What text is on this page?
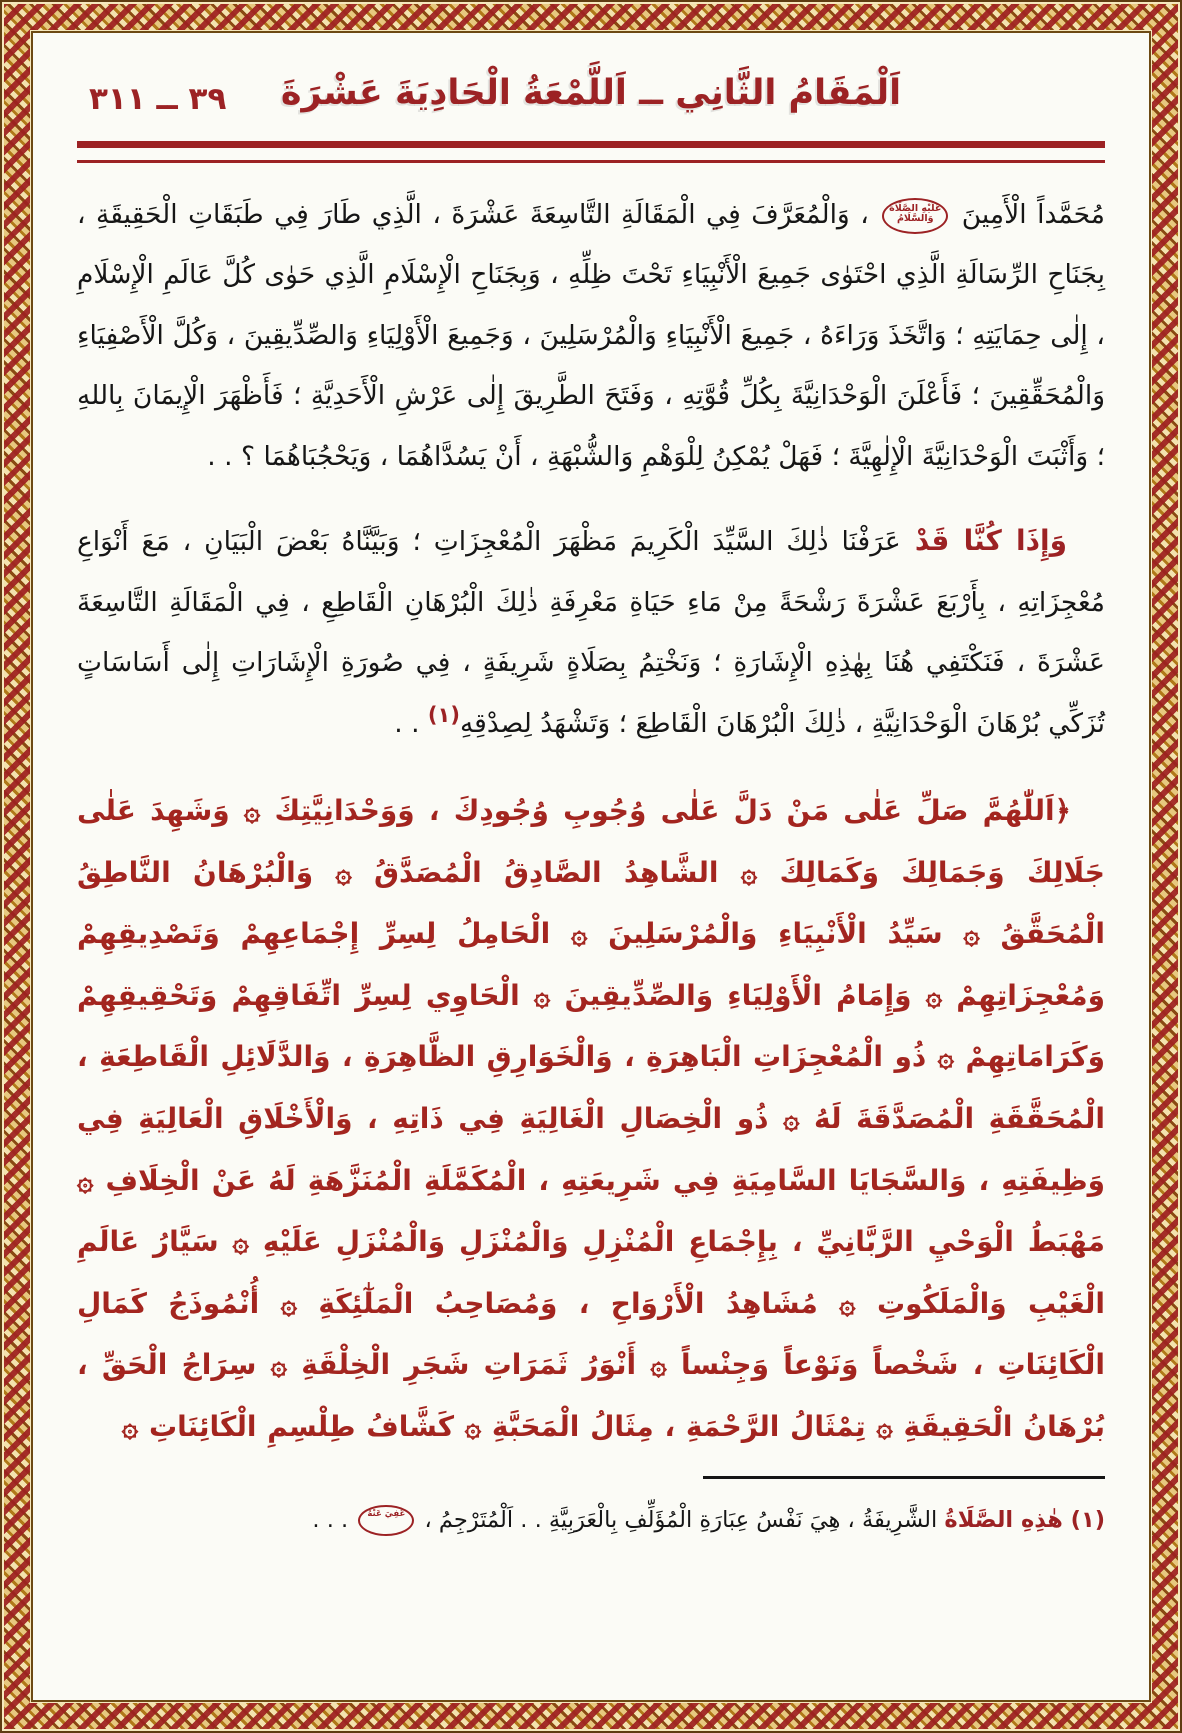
٣٩ ــ ٣١١ اَلْمَقَامُ الثَّانِي ــ اَللَّمْعَةُ الْحَادِيَةَ عَشْرَةَ

مُحَمَّداً الْأَمِينَ عَلَيْهِ الصَّلَاةُ وَالسَّلَامُ ، وَالْمُعَرَّفَ فِي الْمَقَالَةِ التَّاسِعَةَ عَشْرَةَ ، الَّذِي طَارَ فِي طَبَقَاتِ الْحَقِيقَةِ ، بِجَنَاحِ الرِّسَالَةِ الَّذِي احْتَوٰى جَمِيعَ الْأَنْبِيَاءِ تَحْتَ ظِلِّهِ ، وَبِجَنَاحِ الْإِسْلَامِ الَّذِي حَوٰى كُلَّ عَالَمِ الْإِسْلَامِ ، إِلٰى حِمَايَتِهِ ؛ وَاتَّخَذَ وَرَاءَهُ ، جَمِيعَ الْأَنْبِيَاءِ وَالْمُرْسَلِينَ ، وَجَمِيعَ الْأَوْلِيَاءِ وَالصِّدِّيقِينَ ، وَكُلَّ الْأَصْفِيَاءِ وَالْمُحَقِّقِينَ ؛ فَأَعْلَنَ الْوَحْدَانِيَّةَ بِكُلِّ قُوَّتِهِ ، وَفَتَحَ الطَّرِيقَ إِلٰى عَرْشِ الْأَحَدِيَّةِ ؛ فَأَظْهَرَ الْإِيمَانَ بِاللهِ ؛ وَأَثْبَتَ الْوَحْدَانِيَّةَ الْإِلٰهِيَّةَ ؛ فَهَلْ يُمْكِنُ لِلْوَهْمِ وَالشُّبْهَةِ ، أَنْ يَسُدَّاهُمَا ، وَيَحْجُبَاهُمَا ؟ . .

وَإِذَا كُنَّا قَدْ عَرَفْنَا ذٰلِكَ السَّيِّدَ الْكَرِيمَ مَظْهَرَ الْمُعْجِزَاتِ ؛ وَبَيَّنَّاهُ بَعْضَ الْبَيَانِ ، مَعَ أَنْوَاعِ مُعْجِزَاتِهِ ، بِأَرْبَعَ عَشْرَةَ رَشْحَةً مِنْ مَاءِ حَيَاةِ مَعْرِفَةِ ذٰلِكَ الْبُرْهَانِ الْقَاطِعِ ، فِي الْمَقَالَةِ التَّاسِعَةَ عَشْرَةَ ، فَنَكْتَفِي هُنَا بِهٰذِهِ الْإِشَارَةِ ؛ وَنَخْتِمُ بِصَلَاةٍ شَرِيفَةٍ ، فِي صُورَةِ الْإِشَارَاتِ إِلٰى أَسَاسَاتٍ تُزَكِّي بُرْهَانَ الْوَحْدَانِيَّةِ ، ذٰلِكَ الْبُرْهَانَ الْقَاطِعَ ؛ وَتَشْهَدُ لِصِدْقِهِ$^{(١)}$ . .

﴿اَللّٰهُمَّ صَلِّ عَلٰى مَنْ دَلَّ عَلٰى وُجُوبِ وُجُودِكَ ، وَوَحْدَانِيَّتِكَ ۞ وَشَهِدَ عَلٰى جَلَالِكَ وَجَمَالِكَ وَكَمَالِكَ ۞ الشَّاهِدُ الصَّادِقُ الْمُصَدَّقُ ۞ وَالْبُرْهَانُ النَّاطِقُ الْمُحَقَّقُ ۞ سَيِّدُ الْأَنْبِيَاءِ وَالْمُرْسَلِينَ ۞ الْحَامِلُ لِسِرِّ إِجْمَاعِهِمْ وَتَصْدِيقِهِمْ وَمُعْجِزَاتِهِمْ ۞ وَإِمَامُ الْأَوْلِيَاءِ وَالصِّدِّيقِينَ ۞ الْحَاوِي لِسِرِّ اتِّفَاقِهِمْ وَتَحْقِيقِهِمْ وَكَرَامَاتِهِمْ ۞ ذُو الْمُعْجِزَاتِ الْبَاهِرَةِ ، وَالْخَوَارِقِ الظَّاهِرَةِ ، وَالدَّلَائِلِ الْقَاطِعَةِ ، الْمُحَقَّقَةِ الْمُصَدَّقَةَ لَهُ ۞ ذُو الْخِصَالِ الْغَالِيَةِ فِي ذَاتِهِ ، وَالْأَخْلَاقِ الْعَالِيَةِ فِي وَظِيفَتِهِ ، وَالسَّجَايَا السَّامِيَةِ فِي شَرِيعَتِهِ ، الْمُكَمَّلَةِ الْمُنَزَّهَةِ لَهُ عَنْ الْخِلَافِ ۞ مَهْبَطُ الْوَحْيِ الرَّبَّانِيِّ ، بِإِجْمَاعِ الْمُنْزِلِ وَالْمُنْزَلِ وَالْمُنْزَلِ عَلَيْهِ ۞ سَيَّارُ عَالَمِ الْغَيْبِ وَالْمَلَكُوتِ ۞ مُشَاهِدُ الْأَرْوَاحِ ، وَمُصَاحِبُ الْمَلٰٓئِكَةِ ۞ أُنْمُوذَجُ كَمَالِ الْكَائِنَاتِ ، شَخْصاً وَنَوْعاً وَجِنْساً ۞ أَنْوَرُ ثَمَرَاتِ شَجَرِ الْخِلْقَةِ ۞ سِرَاجُ الْحَقِّ ، بُرْهَانُ الْحَقِيقَةِ ۞ تِمْثَالُ الرَّحْمَةِ ، مِثَالُ الْمَحَبَّةِ ۞ كَشَّافُ طِلْسِمِ الْكَائِنَاتِ ۞

(١) هٰذِهِ الصَّلَاةُ الشَّرِيفَةُ ، هِيَ نَفْسُ عِبَارَةِ الْمُؤَلِّفِ بِالْعَرَبِيَّةِ . . اَلْمُتَرْجِمُ ، عُفِيَ عَنْهُ . . .
